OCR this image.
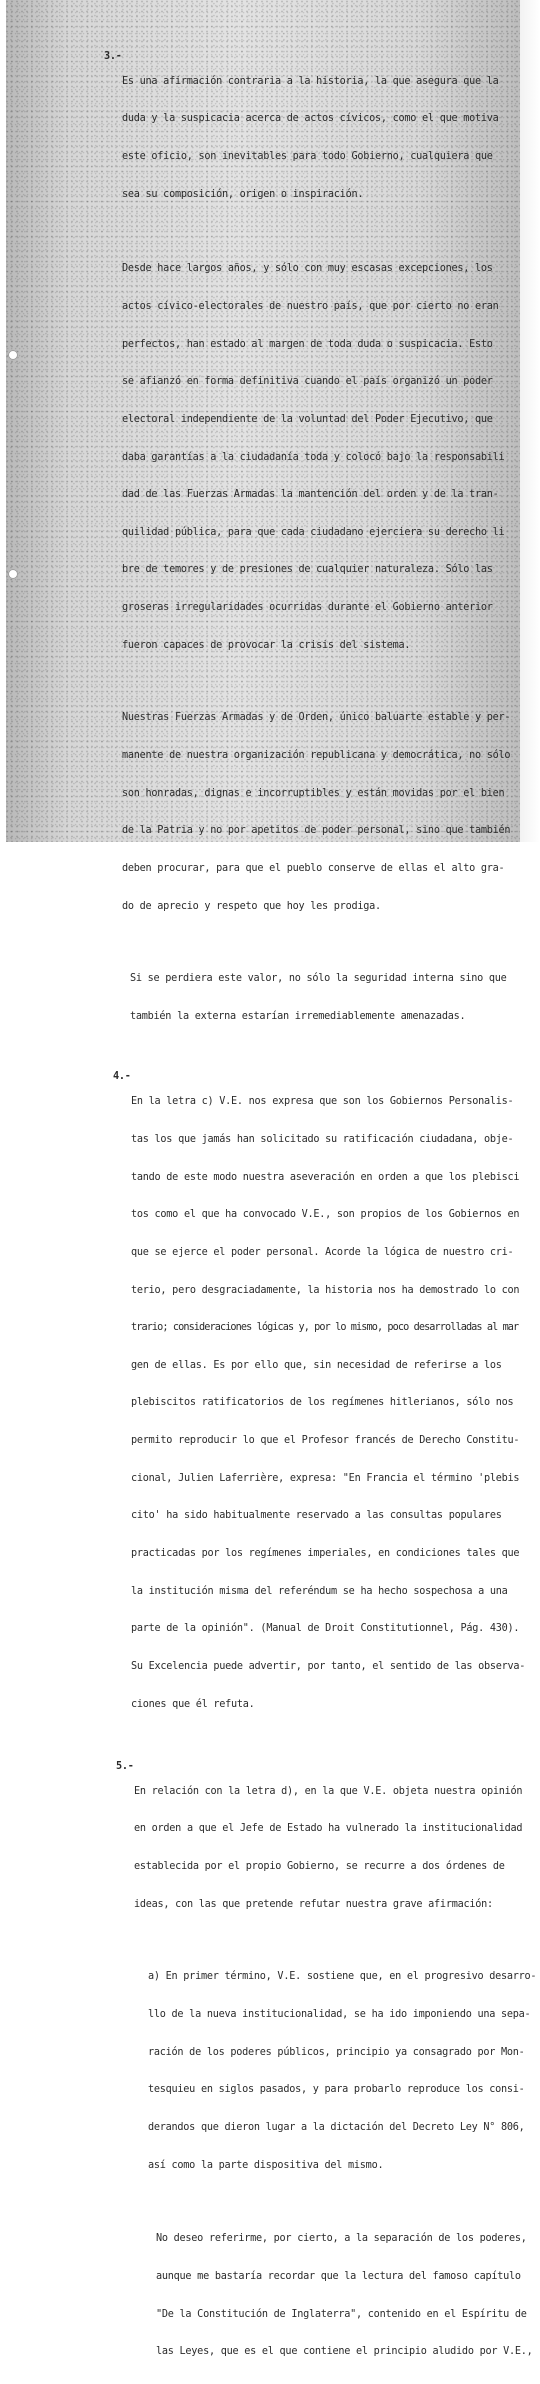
3.-

Es una afirmación contraria a la historia, la que asegura que la

duda y la suspicacia acerca de actos cívicos, como el que motiva

este oficio, son inevitables para todo Gobierno, cualquiera que

sea su composición, origen o inspiración.

Desde hace largos años, y sólo con muy escasas excepciones, los

actos cívico-electorales de nuestro país, que por cierto no eran

perfectos, han estado al margen de toda duda o suspicacia. Esto

se afianzó en forma definitiva cuando el país organizó un poder

electoral independiente de la voluntad del Poder Ejecutivo, que

daba garantías a la ciudadanía toda y colocó bajo la responsabili

dad de las Fuerzas Armadas la mantención del orden y de la tran-

quilidad pública, para que cada ciudadano ejerciera su derecho li

bre de temores y de presiones de cualquier naturaleza. Sólo las

groseras irregularidades ocurridas durante el Gobierno anterior

fueron capaces de provocar la crisis del sistema.

Nuestras Fuerzas Armadas y de Orden, único baluarte estable y per-

manente de nuestra organización republicana y democrática, no sólo

son honradas, dignas e incorruptibles y están movidas por el bien

de la Patria y no por apetitos de poder personal, sino que también

deben procurar, para que el pueblo conserve de ellas el alto gra-

do de aprecio y respeto que hoy les prodiga.

Si se perdiera este valor, no sólo la seguridad interna sino que

también la externa estarían irremediablemente amenazadas.

4.-

En la letra c) V.E. nos expresa que son los Gobiernos Personalis-

tas los que jamás han solicitado su ratificación ciudadana, obje-

tando de este modo nuestra aseveración en orden a que los plebisci

tos como el que ha convocado V.E., son propios de los Gobiernos en

que se ejerce el poder personal. Acorde la lógica de nuestro cri-

terio, pero desgraciadamente, la historia nos ha demostrado lo con

trario; consideraciones lógicas y, por lo mismo, poco desarrolladas al mar

gen de ellas. Es por ello que, sin necesidad de referirse a los

plebiscitos ratificatorios de los regímenes hitlerianos, sólo nos

permito reproducir lo que el Profesor francés de Derecho Constitu-

cional, Julien Laferrière, expresa: "En Francia el término 'plebis

cito' ha sido habitualmente reservado a las consultas populares

practicadas por los regímenes imperiales, en condiciones tales que

la institución misma del referéndum se ha hecho sospechosa a una

parte de la opinión". (Manual de Droit Constitutionnel, Pág. 430).

Su Excelencia puede advertir, por tanto, el sentido de las observa-

ciones que él refuta.

5.-

En relación con la letra d), en la que V.E. objeta nuestra opinión

en orden a que el Jefe de Estado ha vulnerado la institucionalidad

establecida por el propio Gobierno, se recurre a dos órdenes de

ideas, con las que pretende refutar nuestra grave afirmación:

a) En primer término, V.E. sostiene que, en el progresivo desarro-

llo de la nueva institucionalidad, se ha ido imponiendo una sepa-

ración de los poderes públicos, principio ya consagrado por Mon-

tesquieu en siglos pasados, y para probarlo reproduce los consi-

derandos que dieron lugar a la dictación del Decreto Ley N° 806,

así como la parte dispositiva del mismo.

No deseo referirme, por cierto, a la separación de los poderes,

aunque me bastaría recordar que la lectura del famoso capítulo

"De la Constitución de Inglaterra", contenido en el Espíritu de

las Leyes, que es el que contiene el principio aludido por V.E.,
